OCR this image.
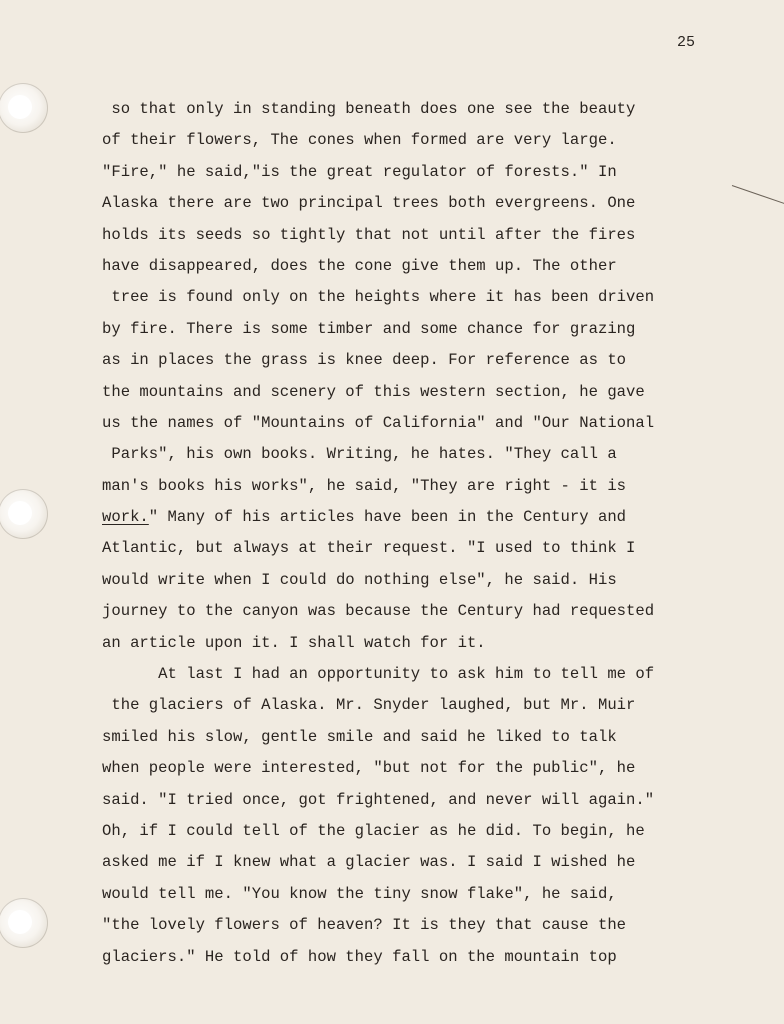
25
so that only in standing beneath does one see the beauty
of their flowers, The cones when formed are very large.
"Fire," he said,"is the great regulator of forests." In
Alaska there are two principal trees both evergreens. One
holds its seeds so tightly that not until after the fires
have disappeared, does the cone give them up. The other
tree is found only on the heights where it has been driven
by fire. There is some timber and some chance for grazing
as in places the grass is knee deep. For reference as to
the mountains and scenery of this western section, he gave
us the names of "Mountains of California" and "Our National
Parks", his own books. Writing, he hates. "They call a
man's books his works", he said, "They are right - it is
work." Many of his articles have been in the Century and
Atlantic, but always at their request. "I used to think I
would write when I could do nothing else", he said. His
journey to the canyon was because the Century had requested
an article upon it. I shall watch for it.
At last I had an opportunity to ask him to tell me of
the glaciers of Alaska. Mr. Snyder laughed, but Mr. Muir
smiled his slow, gentle smile and said he liked to talk
when people were interested, "but not for the public", he
said. "I tried once, got frightened, and never will again."
Oh, if I could tell of the glacier as he did. To begin, he
asked me if I knew what a glacier was. I said I wished he
would tell me. "You know the tiny snow flake", he said,
"the lovely flowers of heaven? It is they that cause the
glaciers." He told of how they fall on the mountain top
